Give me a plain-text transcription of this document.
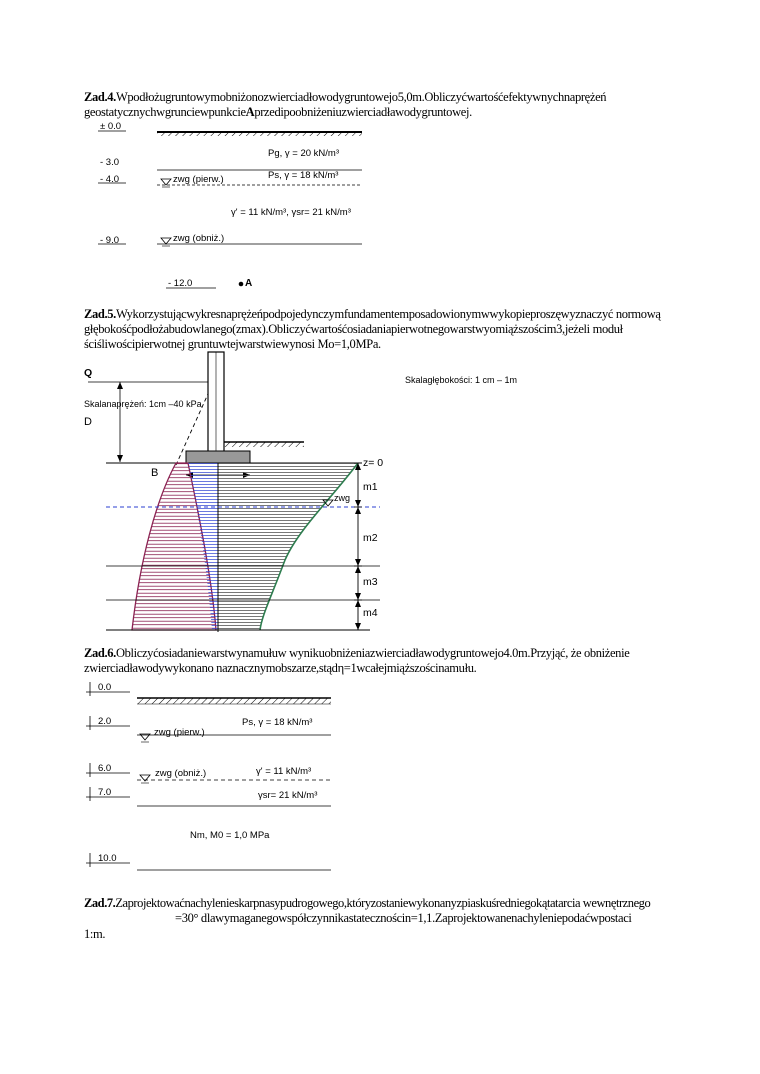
Zad.4.Wpodłożugruntowymobniżonozwierciadłowodygruntowejo5,0m.Obliczyćwartośćefektywnychnaprężeń
geostatycznychwgrunciewpunkcieAprzedipoobniżeniuzwierciadławodygruntowej.
± 0.0
- 3.0
- 4.0
- 9.0
- 12.0
Pg, γ = 20 kN/m³
Ps, γ = 18 kN/m³
γ' = 11 kN/m³, γsr= 21 kN/m³
zwg (pierw.)
zwg (obniż.)
A
Zad.5.Wykorzystującwykresnaprężeńpodpojedynczymfundamentemposadowionymwwykopieproszęwyznaczyć normową
głębokośćpodłożabudowlanego(zmax).Obliczyćwartośćosiadaniapierwotnegowarstwyomiąższościm3,jeżeli moduł
ściśliwościpierwotnej gruntuwtejwarstwiewynosi Mo=1,0MPa.
Q
D
B
Skalanaprężeń: 1cm –40 kPa
Skalagłębokości: 1 cm – 1m
z= 0
m1
m2
m3
m4
zwg
Zad.6.Obliczyćosiadaniewarstwynamułuw wynikuobniżeniazwierciadławodygruntowejo4.0m.Przyjąć, że obniżenie
zwierciadławodywykonano naznacznymobszarze,stądη=1wcałejmiąższościnamułu.
0.0
2.0
6.0
7.0
10.0
Ps, γ = 18 kN/m³
γ' = 11 kN/m³
γsr= 21 kN/m³
Nm, M0 = 1,0 MPa
zwg (pierw.)
zwg (obniż.)
Zad.7.Zaprojektowaćnachylenieskarpnasypudrogowego,któryzostaniewykonanyzpiaskuśredniegokątatarcia wewnętrznego
=30° dlawymaganegowspółczynnikastatecznościn=1,1.Zaprojektowanenachyleniepodaćwpostaci
1:m.
